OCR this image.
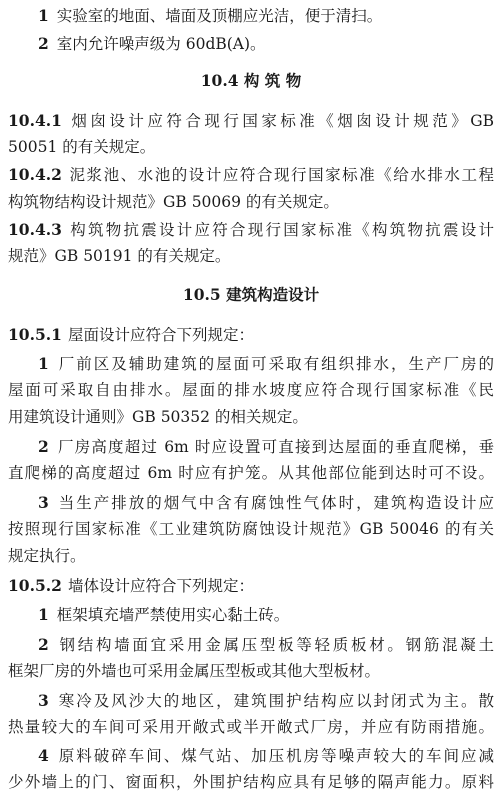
1 实验室的地面、墙面及顶棚应光洁，便于清扫。
2 室内允许噪声级为 60dB(A)。
10.4 构 筑 物
10.4.1 烟囱设计应符合现行国家标准《烟囱设计规范》GB
50051 的有关规定。
10.4.2 泥浆池、水池的设计应符合现行国家标准《给水排水工程
构筑物结构设计规范》GB 50069 的有关规定。
10.4.3 构筑物抗震设计应符合现行国家标准《构筑物抗震设计
规范》GB 50191 的有关规定。
10.5 建筑构造设计
10.5.1 屋面设计应符合下列规定：
1 厂前区及辅助建筑的屋面可采取有组织排水，生产厂房的
屋面可采取自由排水。屋面的排水坡度应符合现行国家标准《民
用建筑设计通则》GB 50352 的相关规定。
2 厂房高度超过 6m 时应设置可直接到达屋面的垂直爬梯，垂
直爬梯的高度超过 6m 时应有护笼。从其他部位能到达时可不设。
3 当生产排放的烟气中含有腐蚀性气体时，建筑构造设计应
按照现行国家标准《工业建筑防腐蚀设计规范》GB 50046 的有关
规定执行。
10.5.2 墙体设计应符合下列规定：
1 框架填充墙严禁使用实心黏土砖。
2 钢结构墙面宜采用金属压型板等轻质板材。钢筋混凝土
框架厂房的外墙也可采用金属压型板或其他大型板材。
3 寒冷及风沙大的地区，建筑围护结构应以封闭式为主。散
热量较大的车间可采用开敞式或半开敞式厂房，并应有防雨措施。
4 原料破碎车间、煤气站、加压机房等噪声较大的车间应减
少外墙上的门、窗面积，外围护结构应具有足够的隔声能力。原料
